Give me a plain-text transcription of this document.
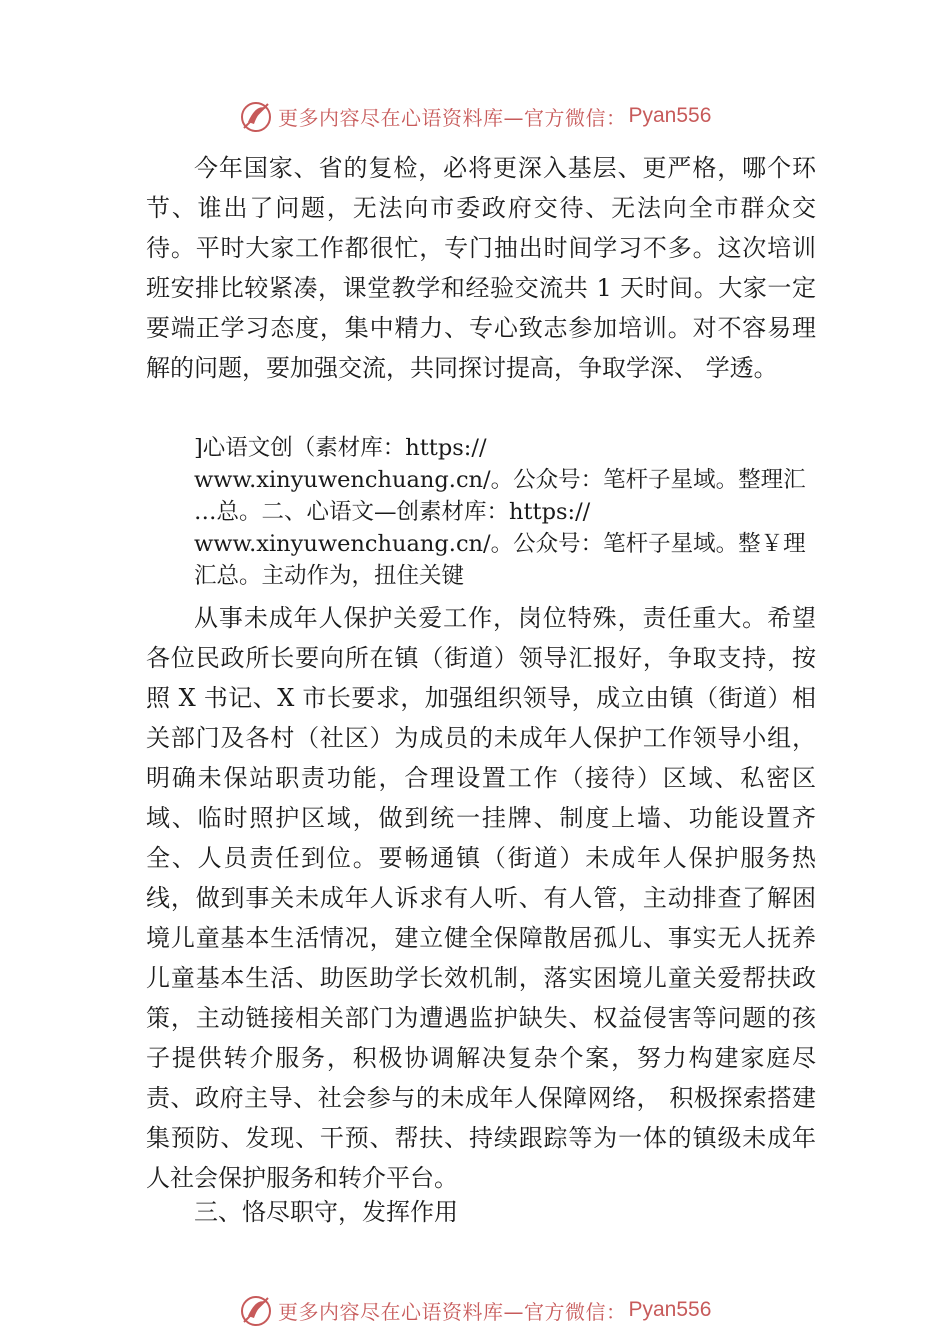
更多内容尽在心语资料库—官方微信： Pyan556

今年国家、省的复检，必将更深入基层、更严格，哪个环节、谁出了问题，无法向市委政府交待、无法向全市群众交待。平时大家工作都很忙，专门抽出时间学习不多。这次培训班安排比较紧凑，课堂教学和经验交流共 1 天时间。大家一定要端正学习态度，集中精力、专心致志参加培训。对不容易理解的问题，要加强交流，共同探讨提高，争取学深、 学透。

]心语文创（素材库：https://
www.xinyuwenchuang.cn/。公众号：笔杆子星域。整理汇
…总。二、心语文—创素材库：https://
www.xinyuwenchuang.cn/。公众号：笔杆子星域。整￥理
汇总。主动作为，扭住关键

从事未成年人保护关爱工作，岗位特殊，责任重大。希望各位民政所长要向所在镇（街道）领导汇报好，争取支持，按照 X 书记、X 市长要求，加强组织领导，成立由镇（街道）相关部门及各村（社区）为成员的未成年人保护工作领导小组，明确未保站职责功能，合理设置工作（接待）区域、私密区域、临时照护区域，做到统一挂牌、制度上墙、功能设置齐全、人员责任到位。要畅通镇（街道）未成年人保护服务热线，做到事关未成年人诉求有人听、有人管，主动排查了解困境儿童基本生活情况，建立健全保障散居孤儿、事实无人抚养儿童基本生活、助医助学长效机制，落实困境儿童关爱帮扶政策，主动链接相关部门为遭遇监护缺失、权益侵害等问题的孩子提供转介服务，积极协调解决复杂个案，努力构建家庭尽责、政府主导、社会参与的未成年人保障网络， 积极探索搭建集预防、发现、干预、帮扶、持续跟踪等为一体的镇级未成年人社会保护服务和转介平台。

三、恪尽职守，发挥作用

更多内容尽在心语资料库—官方微信： Pyan556
